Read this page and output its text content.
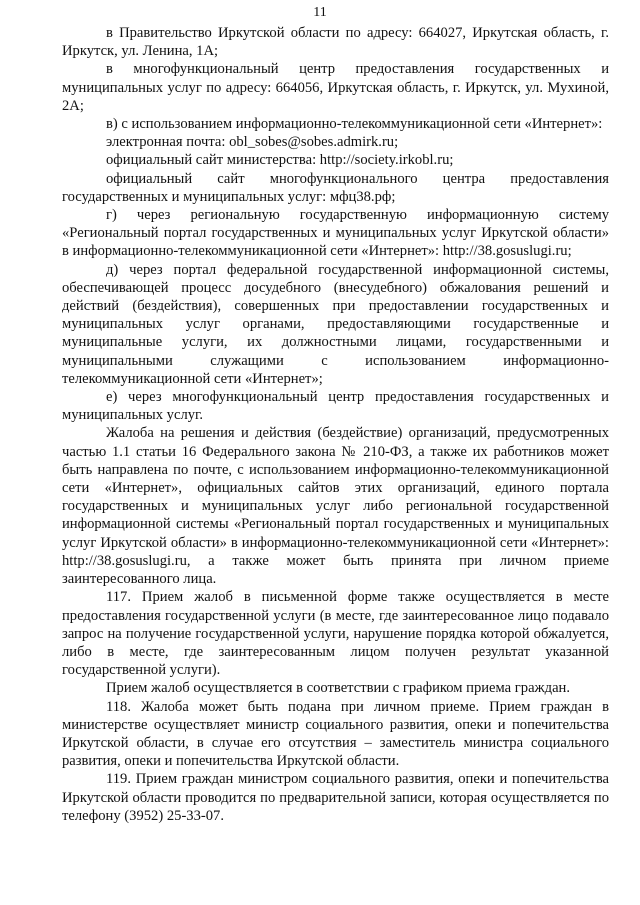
11

в Правительство Иркутской области по адресу: 664027, Иркутская область, г. Иркутск, ул. Ленина, 1А;

в многофункциональный центр предоставления государственных и муниципальных услуг по адресу: 664056, Иркутская область, г. Иркутск, ул. Мухиной, 2А;

в) с использованием информационно-телекоммуникационной сети «Интернет»:

электронная почта: obl_sobes@sobes.admirk.ru;

официальный сайт министерства: http://society.irkobl.ru;

официальный сайт многофункционального центра предоставления государственных и муниципальных услуг: мфц38.рф;

г) через региональную государственную информационную систему «Региональный портал государственных и муниципальных услуг Иркутской области» в информационно-телекоммуникационной сети «Интернет»: http://38.gosuslugi.ru;

д) через портал федеральной государственной информационной системы, обеспечивающей процесс досудебного (внесудебного) обжалования решений и действий (бездействия), совершенных при предоставлении государственных и муниципальных услуг органами, предоставляющими государственные и муниципальные услуги, их должностными лицами, государственными и муниципальными служащими с использованием информационно-телекоммуникационной сети «Интернет»;

е) через многофункциональный центр предоставления государственных и муниципальных услуг.

Жалоба на решения и действия (бездействие) организаций, предусмотренных частью 1.1 статьи 16 Федерального закона № 210-ФЗ, а также их работников может быть направлена по почте, с использованием информационно-телекоммуникационной сети «Интернет», официальных сайтов этих организаций, единого портала государственных и муниципальных услуг либо региональной государственной информационной системы «Региональный портал государственных и муниципальных услуг Иркутской области» в информационно-телекоммуникационной сети «Интернет»: http://38.gosuslugi.ru, а также может быть принята при личном приеме заинтересованного лица.

117. Прием жалоб в письменной форме также осуществляется в месте предоставления государственной услуги (в месте, где заинтересованное лицо подавало запрос на получение государственной услуги, нарушение порядка которой обжалуется, либо в месте, где заинтересованным лицом получен результат указанной государственной услуги).

Прием жалоб осуществляется в соответствии с графиком приема граждан.

118. Жалоба может быть подана при личном приеме. Прием граждан в министерстве осуществляет министр социального развития, опеки и попечительства Иркутской области, в случае его отсутствия – заместитель министра социального развития, опеки и попечительства Иркутской области.

119. Прием граждан министром социального развития, опеки и попечительства Иркутской области проводится по предварительной записи, которая осуществляется по телефону (3952) 25-33-07.
